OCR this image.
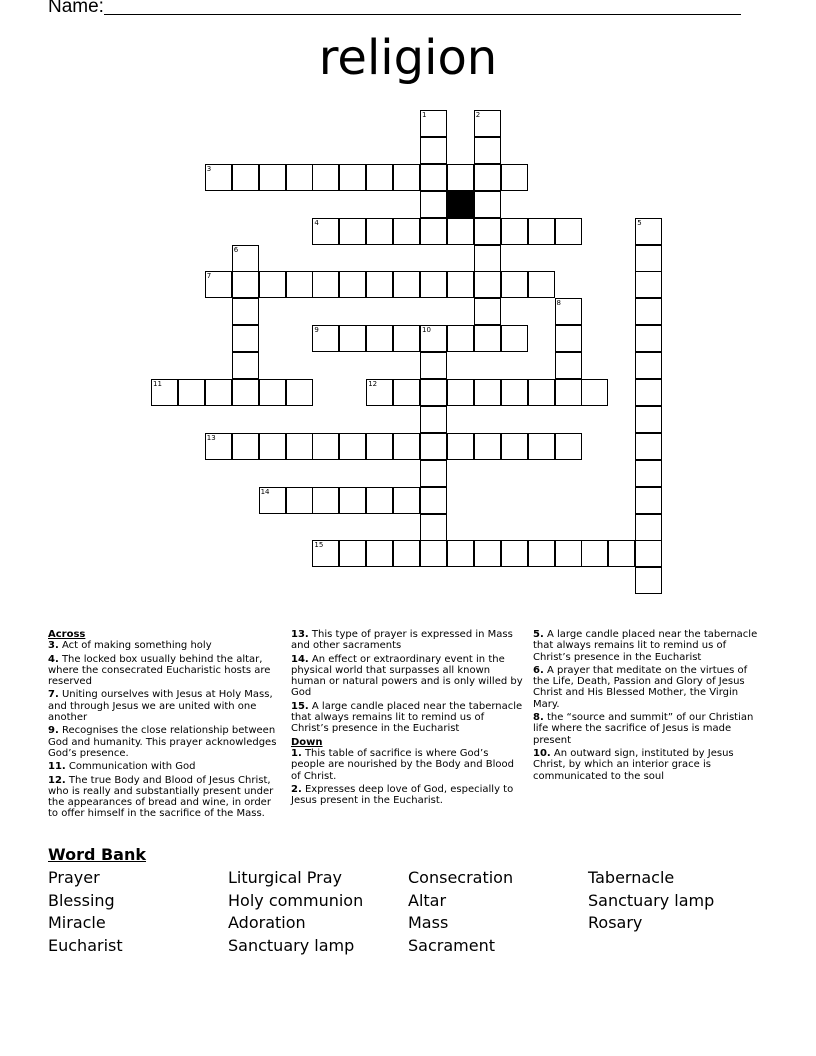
Name:
religion
1	2
3
4	5
6
7
8
9	10
11	12
13
14
15

Across

3. Act of making something holy

4. The locked box usually behind the altar, where the consecrated Eucharistic hosts are reserved

7. Uniting ourselves with Jesus at Holy Mass, and through Jesus we are united with one another

9. Recognises the close relationship between God and humanity. This prayer acknowledges God’s presence.

11. Communication with God

12. The true Body and Blood of Jesus Christ, who is really and substantially present under the appearances of bread and wine, in order to offer himself in the sacrifice of the Mass.

13. This type of prayer is expressed in Mass and other sacraments

14. An effect or extraordinary event in the physical world that surpasses all known human or natural powers and is only willed by God

15. A large candle placed near the tabernacle that always remains lit to remind us of Christ’s presence in the Eucharist

Down

1. This table of sacrifice is where God’s people are nourished by the Body and Blood of Christ.

2. Expresses deep love of God, especially to Jesus present in the Eucharist.

5. A large candle placed near the tabernacle that always remains lit to remind us of Christ’s presence in the Eucharist

6. A prayer that meditate on the virtues of the Life, Death, Passion and Glory of Jesus Christ and His Blessed Mother, the Virgin Mary.

8. the “source and summit” of our Christian life where the sacrifice of Jesus is made present

10. An outward sign, instituted by Jesus Christ, by which an interior grace is communicated to the soul

Word Bank
Prayer
Blessing
Miracle
Eucharist
Liturgical Pray
Holy communion
Adoration
Sanctuary lamp
Consecration
Altar
Mass
Sacrament
Tabernacle
Sanctuary lamp
Rosary
